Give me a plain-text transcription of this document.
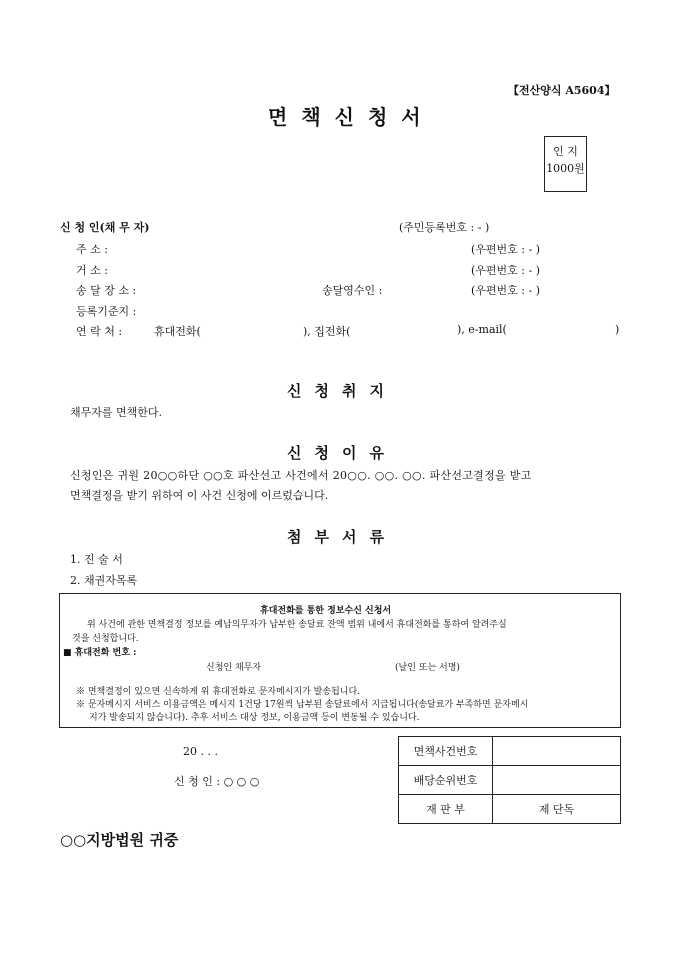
【전산양식 A5604】
면책신청서
인 지
1000원
신 청 인(채 무 자)	(주민등록번호 : - )
주 소 :	(우편번호 : - )
거 소 :	(우편번호 : - )
송 달 장 소 :	송달영수인 :	(우편번호 : - )
등록기준지 :
연 락 처 :	휴대전화(	), 집전화(	), e-mail(	)
신청취지
채무자를 면책한다.
신청이유
신청인은 귀원 20○○하단 ○○호 파산선고 사건에서 20○○. ○○. ○○. 파산선고결정을 받고
면책결정을 받기 위하여 이 사건 신청에 이르렀습니다.
첨부서류
1. 진 술 서
2. 채권자목록
휴대전화를 통한 정보수신 신청서
위 사건에 관한 면책결정 정보를 예납의무자가 납부한 송달료 잔액 범위 내에서 휴대전화를 통하여 알려주실
것을 신청합니다.
■ 휴대전화 번호 :
신청인 채무자	(날인 또는 서명)
※ 면책결정이 있으면 신속하게 위 휴대전화로 문자메시지가 발송됩니다.
※ 문자메시지 서비스 이용금액은 메시지 1건당 17원씩 납부된 송달료에서 지급됩니다(송달료가 부족하면 문자메시
지가 발송되지 않습니다). 추후 서비스 대상 정보, 이용금액 등이 변동될 수 있습니다.
20 . . .
신 청 인 : ○ ○ ○
면책사건번호	
배당순위번호	
재 판 부	제 단독
○○지방법원 귀중
